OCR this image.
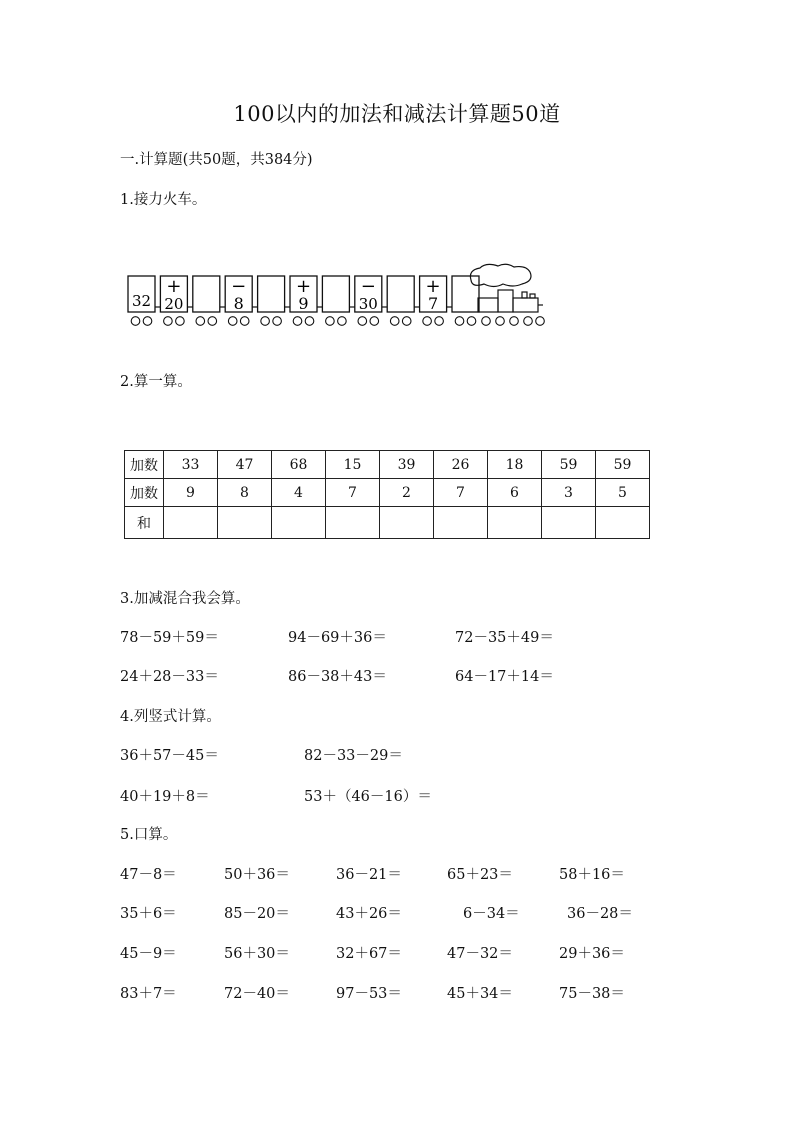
100以内的加法和减法计算题50道
一.计算题(共50题，共384分)
1.接力火车。
32
+
20
−
8
+
9
−
30
+
7
2.算一算。
加数	33	47	68	15	39	26	18	59	59
加数	9	8	4	7	2	7	6	3	5
和									
3.加减混合我会算。
78－59＋59＝	94－69＋36＝	72－35＋49＝
24＋28－33＝	86－38＋43＝	64－17＋14＝
4.列竖式计算。
36＋57－45＝	82－33－29＝
40＋19＋8＝	53＋（46－16）＝
5.口算。
47－8＝	50＋36＝	36－21＝	65＋23＝	58＋16＝
35＋6＝	85－20＝	43＋26＝	6－34＝	36－28＝
45－9＝	56＋30＝	32＋67＝	47－32＝	29＋36＝
83＋7＝	72－40＝	97－53＝	45＋34＝	75－38＝
